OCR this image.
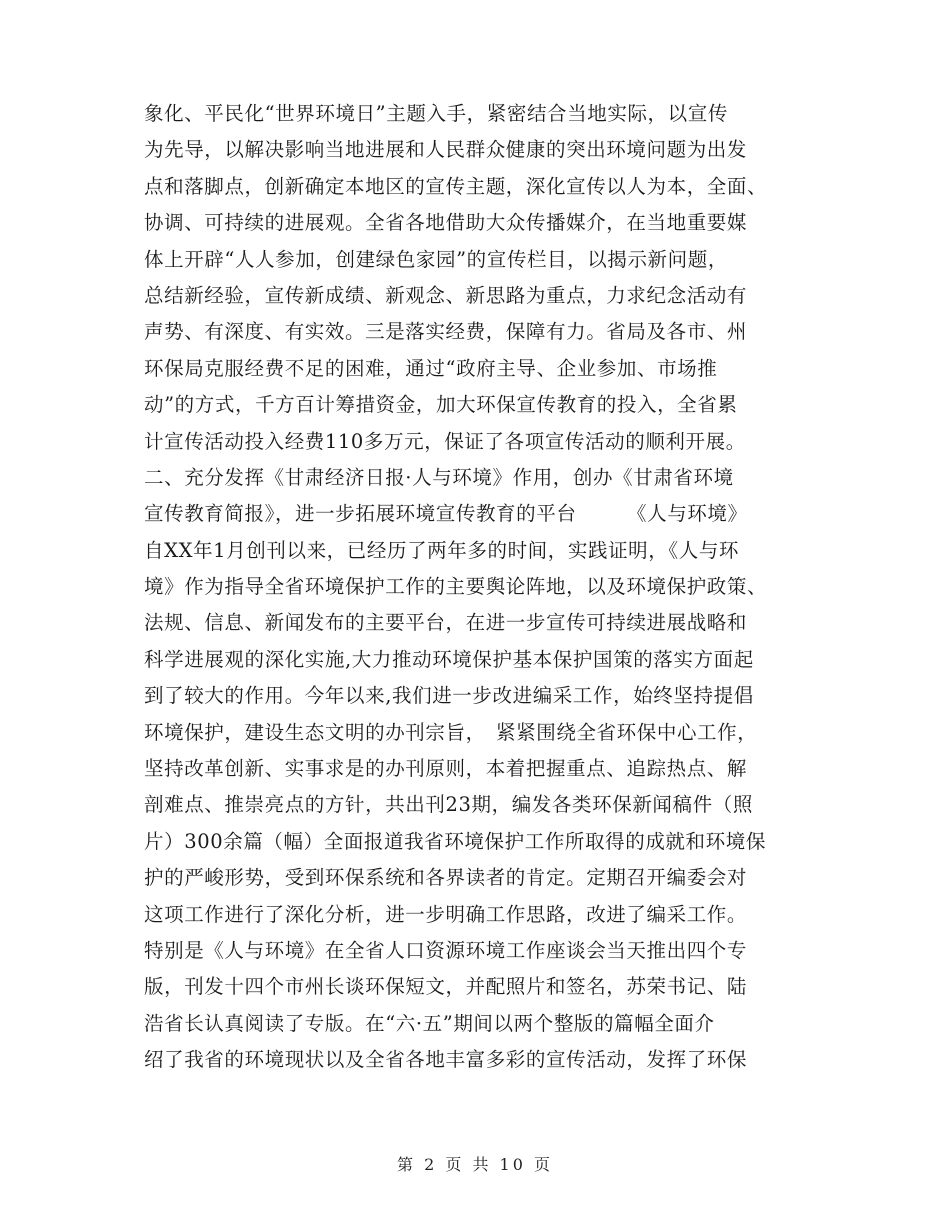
象化、平民化“世界环境日”主题入手，紧密结合当地实际，以宣传
为先导，以解决影响当地进展和人民群众健康的突出环境问题为出发
点和落脚点，创新确定本地区的宣传主题，深化宣传以人为本，全面、
协调、可持续的进展观。全省各地借助大众传播媒介，在当地重要媒
体上开辟“人人参加，创建绿色家园”的宣传栏目，以揭示新问题，
总结新经验，宣传新成绩、新观念、新思路为重点，力求纪念活动有
声势、有深度、有实效。三是落实经费，保障有力。省局及各市、州
环保局克服经费不足的困难，通过“政府主导、企业参加、市场推
动”的方式，千方百计筹措资金，加大环保宣传教育的投入，全省累
计宣传活动投入经费110多万元，保证了各项宣传活动的顺利开展。
二、充分发挥《甘肃经济日报·人与环境》作用，创办《甘肃省环境
宣传教育简报》，进一步拓展环境宣传教育的平台　　　《人与环境》
自XX年1月创刊以来，已经历了两年多的时间，实践证明，《人与环
境》作为指导全省环境保护工作的主要舆论阵地，以及环境保护政策、
法规、信息、新闻发布的主要平台，在进一步宣传可持续进展战略和
科学进展观的深化实施,大力推动环境保护基本保护国策的落实方面起
到了较大的作用。今年以来,我们进一步改进编采工作，始终坚持提倡
环境保护，建设生态文明的办刊宗旨，　紧紧围绕全省环保中心工作，
坚持改革创新、实事求是的办刊原则，本着把握重点、追踪热点、解
剖难点、推崇亮点的方针，共出刊23期，编发各类环保新闻稿件（照
片）300余篇（幅）全面报道我省环境保护工作所取得的成就和环境保
护的严峻形势，受到环保系统和各界读者的肯定。定期召开编委会对
这项工作进行了深化分析，进一步明确工作思路，改进了编采工作。
特别是《人与环境》在全省人口资源环境工作座谈会当天推出四个专
版，刊发十四个市州长谈环保短文，并配照片和签名，苏荣书记、陆
浩省长认真阅读了专版。在“六·五”期间以两个整版的篇幅全面介
绍了我省的环境现状以及全省各地丰富多彩的宣传活动，发挥了环保
第 2 页 共 10 页
